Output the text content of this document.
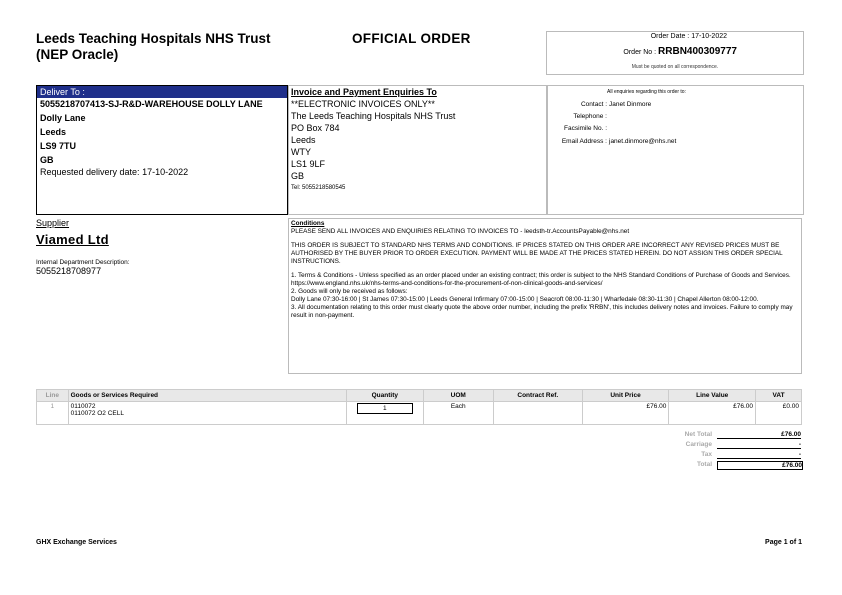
Leeds Teaching Hospitals NHS Trust (NEP Oracle)
OFFICIAL ORDER	Order Date : 17-10-2022
Order No : RRBN400309777
Must be quoted on all correspondence.
Deliver To :
5055218707413-SJ-R&D-WAREHOUSE DOLLY LANE
Dolly Lane
Leeds
LS9 7TU
GB
Requested delivery date: 17-10-2022
Invoice and Payment Enquiries To
**ELECTRONIC INVOICES ONLY**
The Leeds Teaching Hospitals NHS Trust
PO Box 784
Leeds
WTY
LS1 9LF
GB
Tel: 5055218580545
All enquiries regarding this order to:
Contact : Janet Dinmore
Telephone :
Facsimile No. :
Email Address : janet.dinmore@nhs.net
Supplier
Viamed Ltd
Internal Department Description:
5055218708977
Conditions

PLEASE SEND ALL INVOICES AND ENQUIRIES RELATING TO INVOICES TO - leedsth-tr.AccountsPayable@nhs.net

THIS ORDER IS SUBJECT TO STANDARD NHS TERMS AND CONDITIONS. IF PRICES STATED ON THIS ORDER ARE INCORRECT ANY REVISED PRICES MUST BE AUTHORISED BY THE BUYER PRIOR TO ORDER EXECUTION. PAYMENT WILL BE MADE AT THE PRICES STATED HEREIN. DO NOT ASSIGN THIS ORDER SPECIAL INSTRUCTIONS.

1. Terms & Conditions - Unless specified as an order placed under an existing contract; this order is subject to the NHS Standard Conditions of Purchase of Goods and Services.
https://www.england.nhs.uk/nhs-terms-and-conditions-for-the-procurement-of-non-clinical-goods-and-services/
2. Goods will only be received as follows:
Dolly Lane 07:30-16:00 | St James 07:30-15:00 | Leeds General Infirmary 07:00-15:00 | Seacroft 08:00-11:30 | Wharfedale 08:30-11:30 | Chapel Allerton 08:00-12:00.
3. All documentation relating to this order must clearly quote the above order number, including the prefix 'RRBN', this includes delivery notes and invoices. Failure to comply may result in non-payment.
Line	Goods or Services Required	Quantity	UOM	Contract Ref.	Unit Price	Line Value	VAT
1	0110072
0110072 O2 CELL	1	Each		£76.00	£76.00	£0.00
Net Total	£76.00
Carriage	-
Tax	-
Total	£76.00
GHX Exchange Services	Page 1 of 1
